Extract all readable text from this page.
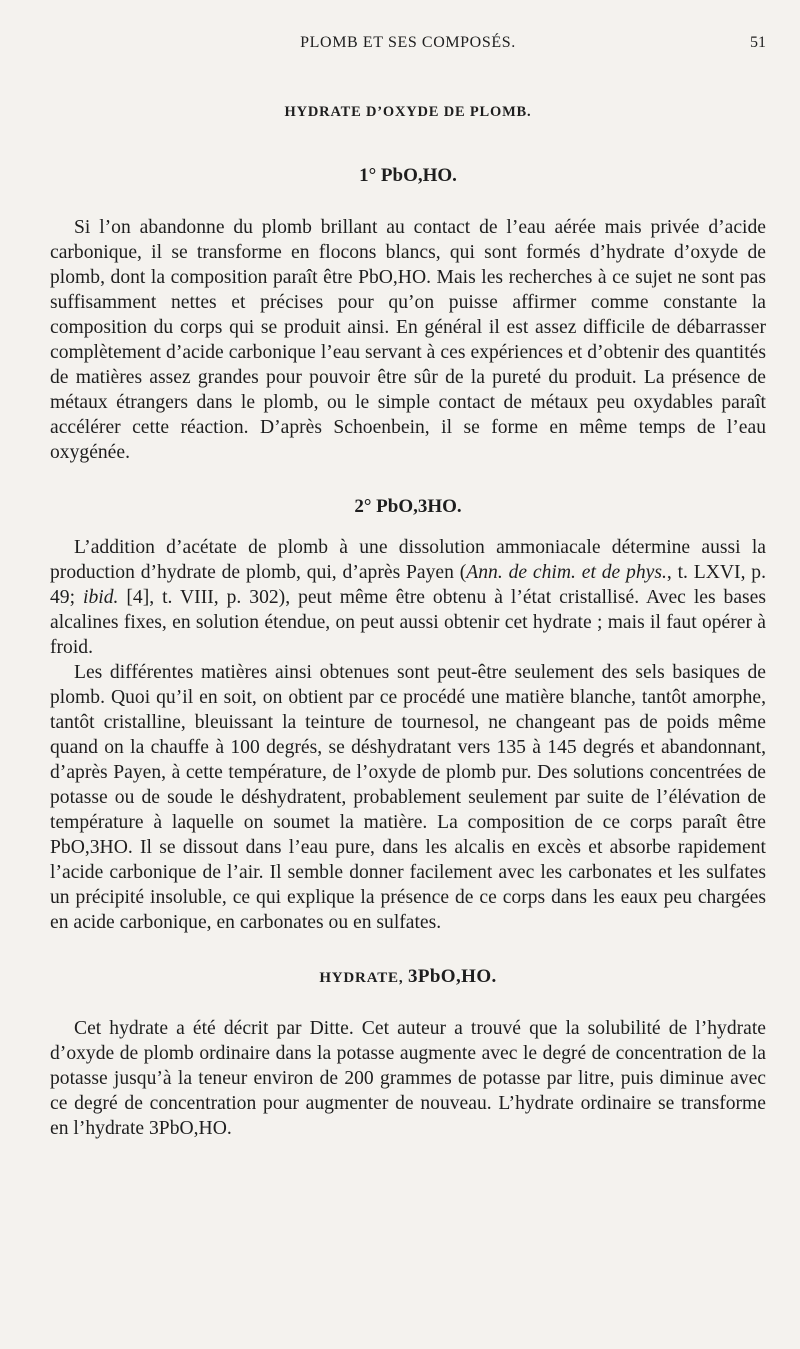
PLOMB ET SES COMPOSÉS.	51
HYDRATE D’OXYDE DE PLOMB.
1° PbO,HO.

Si l’on abandonne du plomb brillant au contact de l’eau aérée mais privée d’acide carbonique, il se transforme en flocons blancs, qui sont formés d’hydrate d’oxyde de plomb, dont la composition paraît être PbO,HO. Mais les recherches à ce sujet ne sont pas suffisamment nettes et précises pour qu’on puisse affirmer comme constante la composition du corps qui se produit ainsi. En général il est assez difficile de débarrasser complètement d’acide carbonique l’eau servant à ces expériences et d’obtenir des quantités de matières assez grandes pour pouvoir être sûr de la pureté du produit. La présence de métaux étrangers dans le plomb, ou le simple contact de métaux peu oxydables paraît accélérer cette réaction. D’après Schoenbein, il se forme en même temps de l’eau oxygénée.

2° PbO,3HO.

L’addition d’acétate de plomb à une dissolution ammoniacale détermine aussi la production d’hydrate de plomb, qui, d’après Payen (Ann. de chim. et de phys., t. LXVI, p. 49; ibid. [4], t. VIII, p. 302), peut même être obtenu à l’état cristallisé. Avec les bases alcalines fixes, en solution étendue, on peut aussi obtenir cet hydrate ; mais il faut opérer à froid.

Les différentes matières ainsi obtenues sont peut-être seulement des sels basiques de plomb. Quoi qu’il en soit, on obtient par ce procédé une matière blanche, tantôt amorphe, tantôt cristalline, bleuissant la teinture de tournesol, ne changeant pas de poids même quand on la chauffe à 100 degrés, se déshydratant vers 135 à 145 degrés et abandonnant, d’après Payen, à cette température, de l’oxyde de plomb pur. Des solutions concentrées de potasse ou de soude le déshydratent, probablement seulement par suite de l’élévation de température à laquelle on soumet la matière. La composition de ce corps paraît être PbO,3HO. Il se dissout dans l’eau pure, dans les alcalis en excès et absorbe rapidement l’acide carbonique de l’air. Il semble donner facilement avec les carbonates et les sulfates un précipité insoluble, ce qui explique la présence de ce corps dans les eaux peu chargées en acide carbonique, en carbonates ou en sulfates.

HYDRATE, 3PbO,HO.

Cet hydrate a été décrit par Ditte. Cet auteur a trouvé que la solubilité de l’hydrate d’oxyde de plomb ordinaire dans la potasse augmente avec le degré de concentration de la potasse jusqu’à la teneur environ de 200 grammes de potasse par litre, puis diminue avec ce degré de concentration pour augmenter de nouveau. L’hydrate ordinaire se transforme en l’hydrate 3PbO,HO.
